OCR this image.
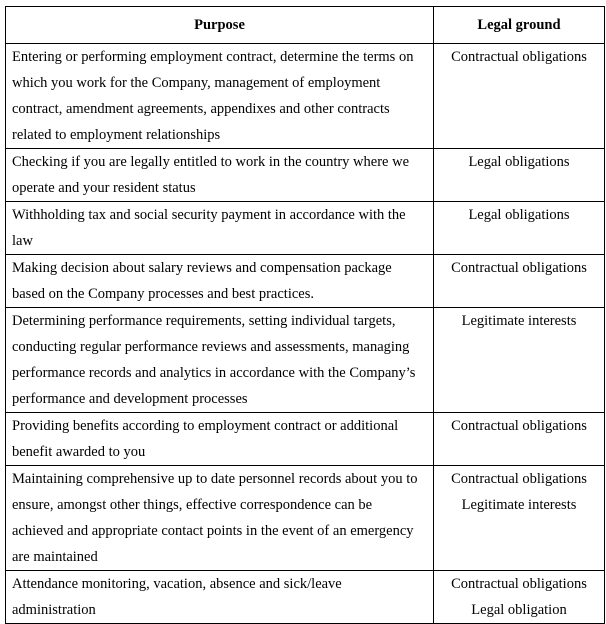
Purpose	Legal ground
Entering or performing employment contract, determine the terms on which you work for the Company, management of employment contract, amendment agreements, appendixes and other contracts related to employment relationships	Contractual obligations

Checking if you are legally entitled to work in the country where we operate and your resident status	Legal obligations

Withholding tax and social security payment in accordance with the law	Legal obligations

Making decision about salary reviews and compensation package based on the Company processes and best practices.	Contractual obligations

Determining performance requirements, setting individual targets, conducting regular performance reviews and assessments, managing performance records and analytics in accordance with the Company’s performance and development processes	Legitimate interests

Providing benefits according to employment contract or additional benefit awarded to you	Contractual obligations

Maintaining comprehensive up to date personnel records about you to ensure, amongst other things, effective correspondence can be achieved and appropriate contact points in the event of an emergency are maintained	Contractual obligations
Legitimate interests

Attendance monitoring, vacation, absence and sick/leave administration	Contractual obligations
Legal obligation
